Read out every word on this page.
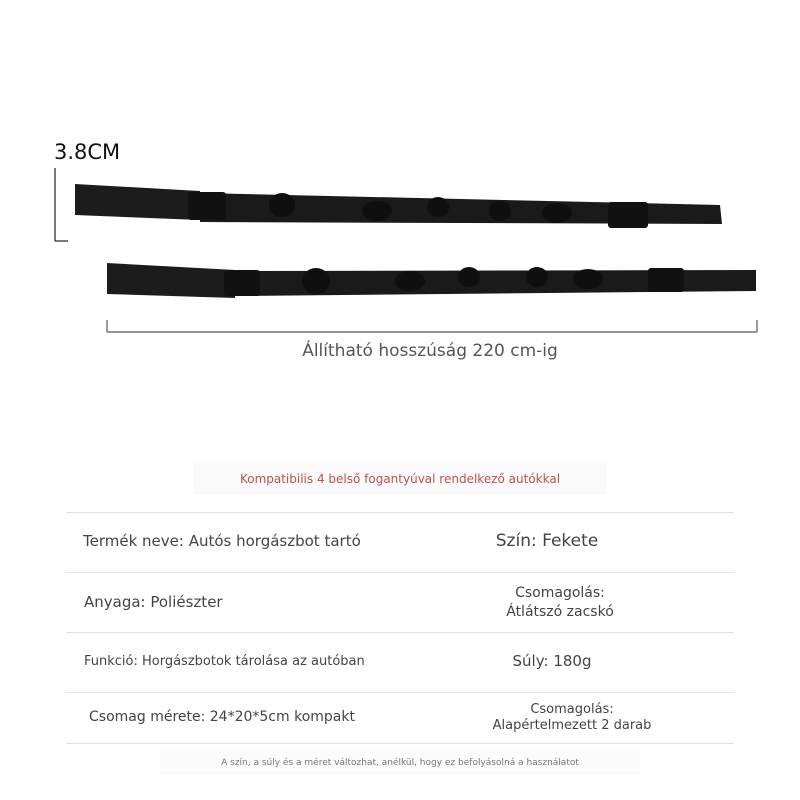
3.8CM
Állítható hosszúság 220 cm-ig
Kompatibilis 4 belső fogantyúval rendelkező autókkal
Termék neve: Autós horgászbot tartó	Szín: Fekete
Anyaga: Poliészter	Csomagolás:
Átlátszó zacskó
Funkció: Horgászbotok tárolása az autóban	Súly: 180g
Csomag mérete: 24*20*5cm kompakt	Csomagolás:
Alapértelmezett 2 darab
A szín, a súly és a méret változhat, anélkül, hogy ez befolyásolná a használatot
